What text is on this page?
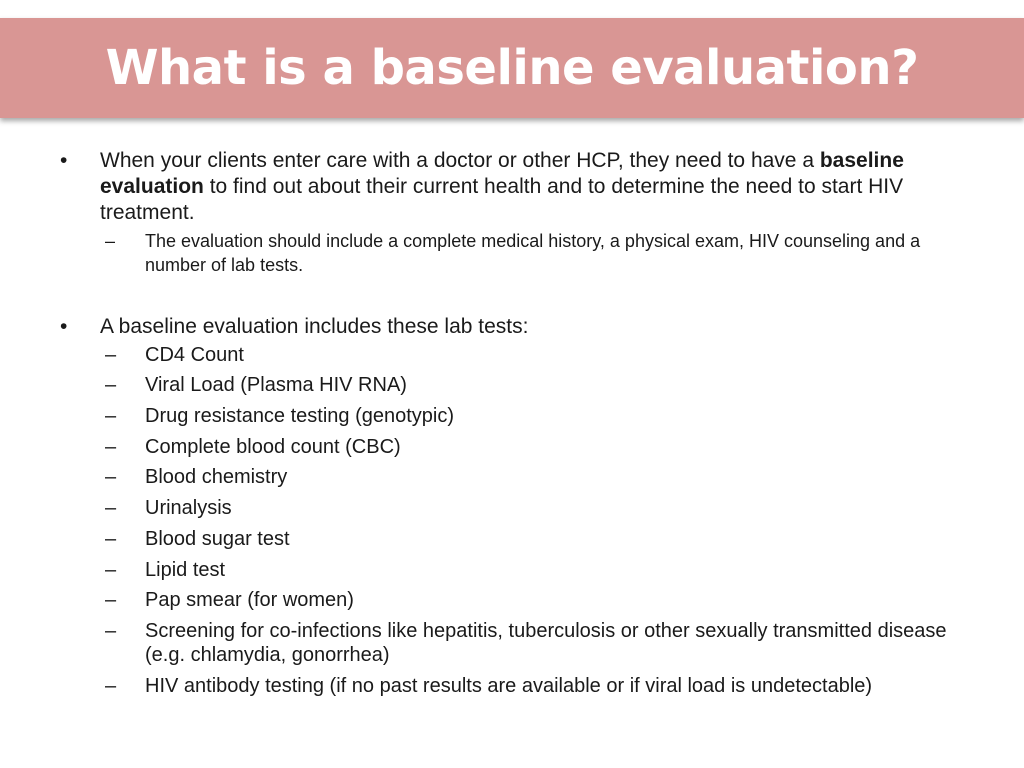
What is a baseline evaluation?
• When your clients enter care with a doctor or other HCP, they need to have a baseline evaluation to find out about their current health and to determine the need to start HIV treatment.
– The evaluation should include a complete medical history, a physical exam, HIV counseling and a number of lab tests.
• A baseline evaluation includes these lab tests:
– CD4 Count
– Viral Load (Plasma HIV RNA)
– Drug resistance testing (genotypic)
– Complete blood count (CBC)
– Blood chemistry
– Urinalysis
– Blood sugar test
– Lipid test
– Pap smear (for women)
– Screening for co-infections like hepatitis, tuberculosis or other sexually transmitted disease (e.g. chlamydia, gonorrhea)
– HIV antibody testing (if no past results are available or if viral load is undetectable)
